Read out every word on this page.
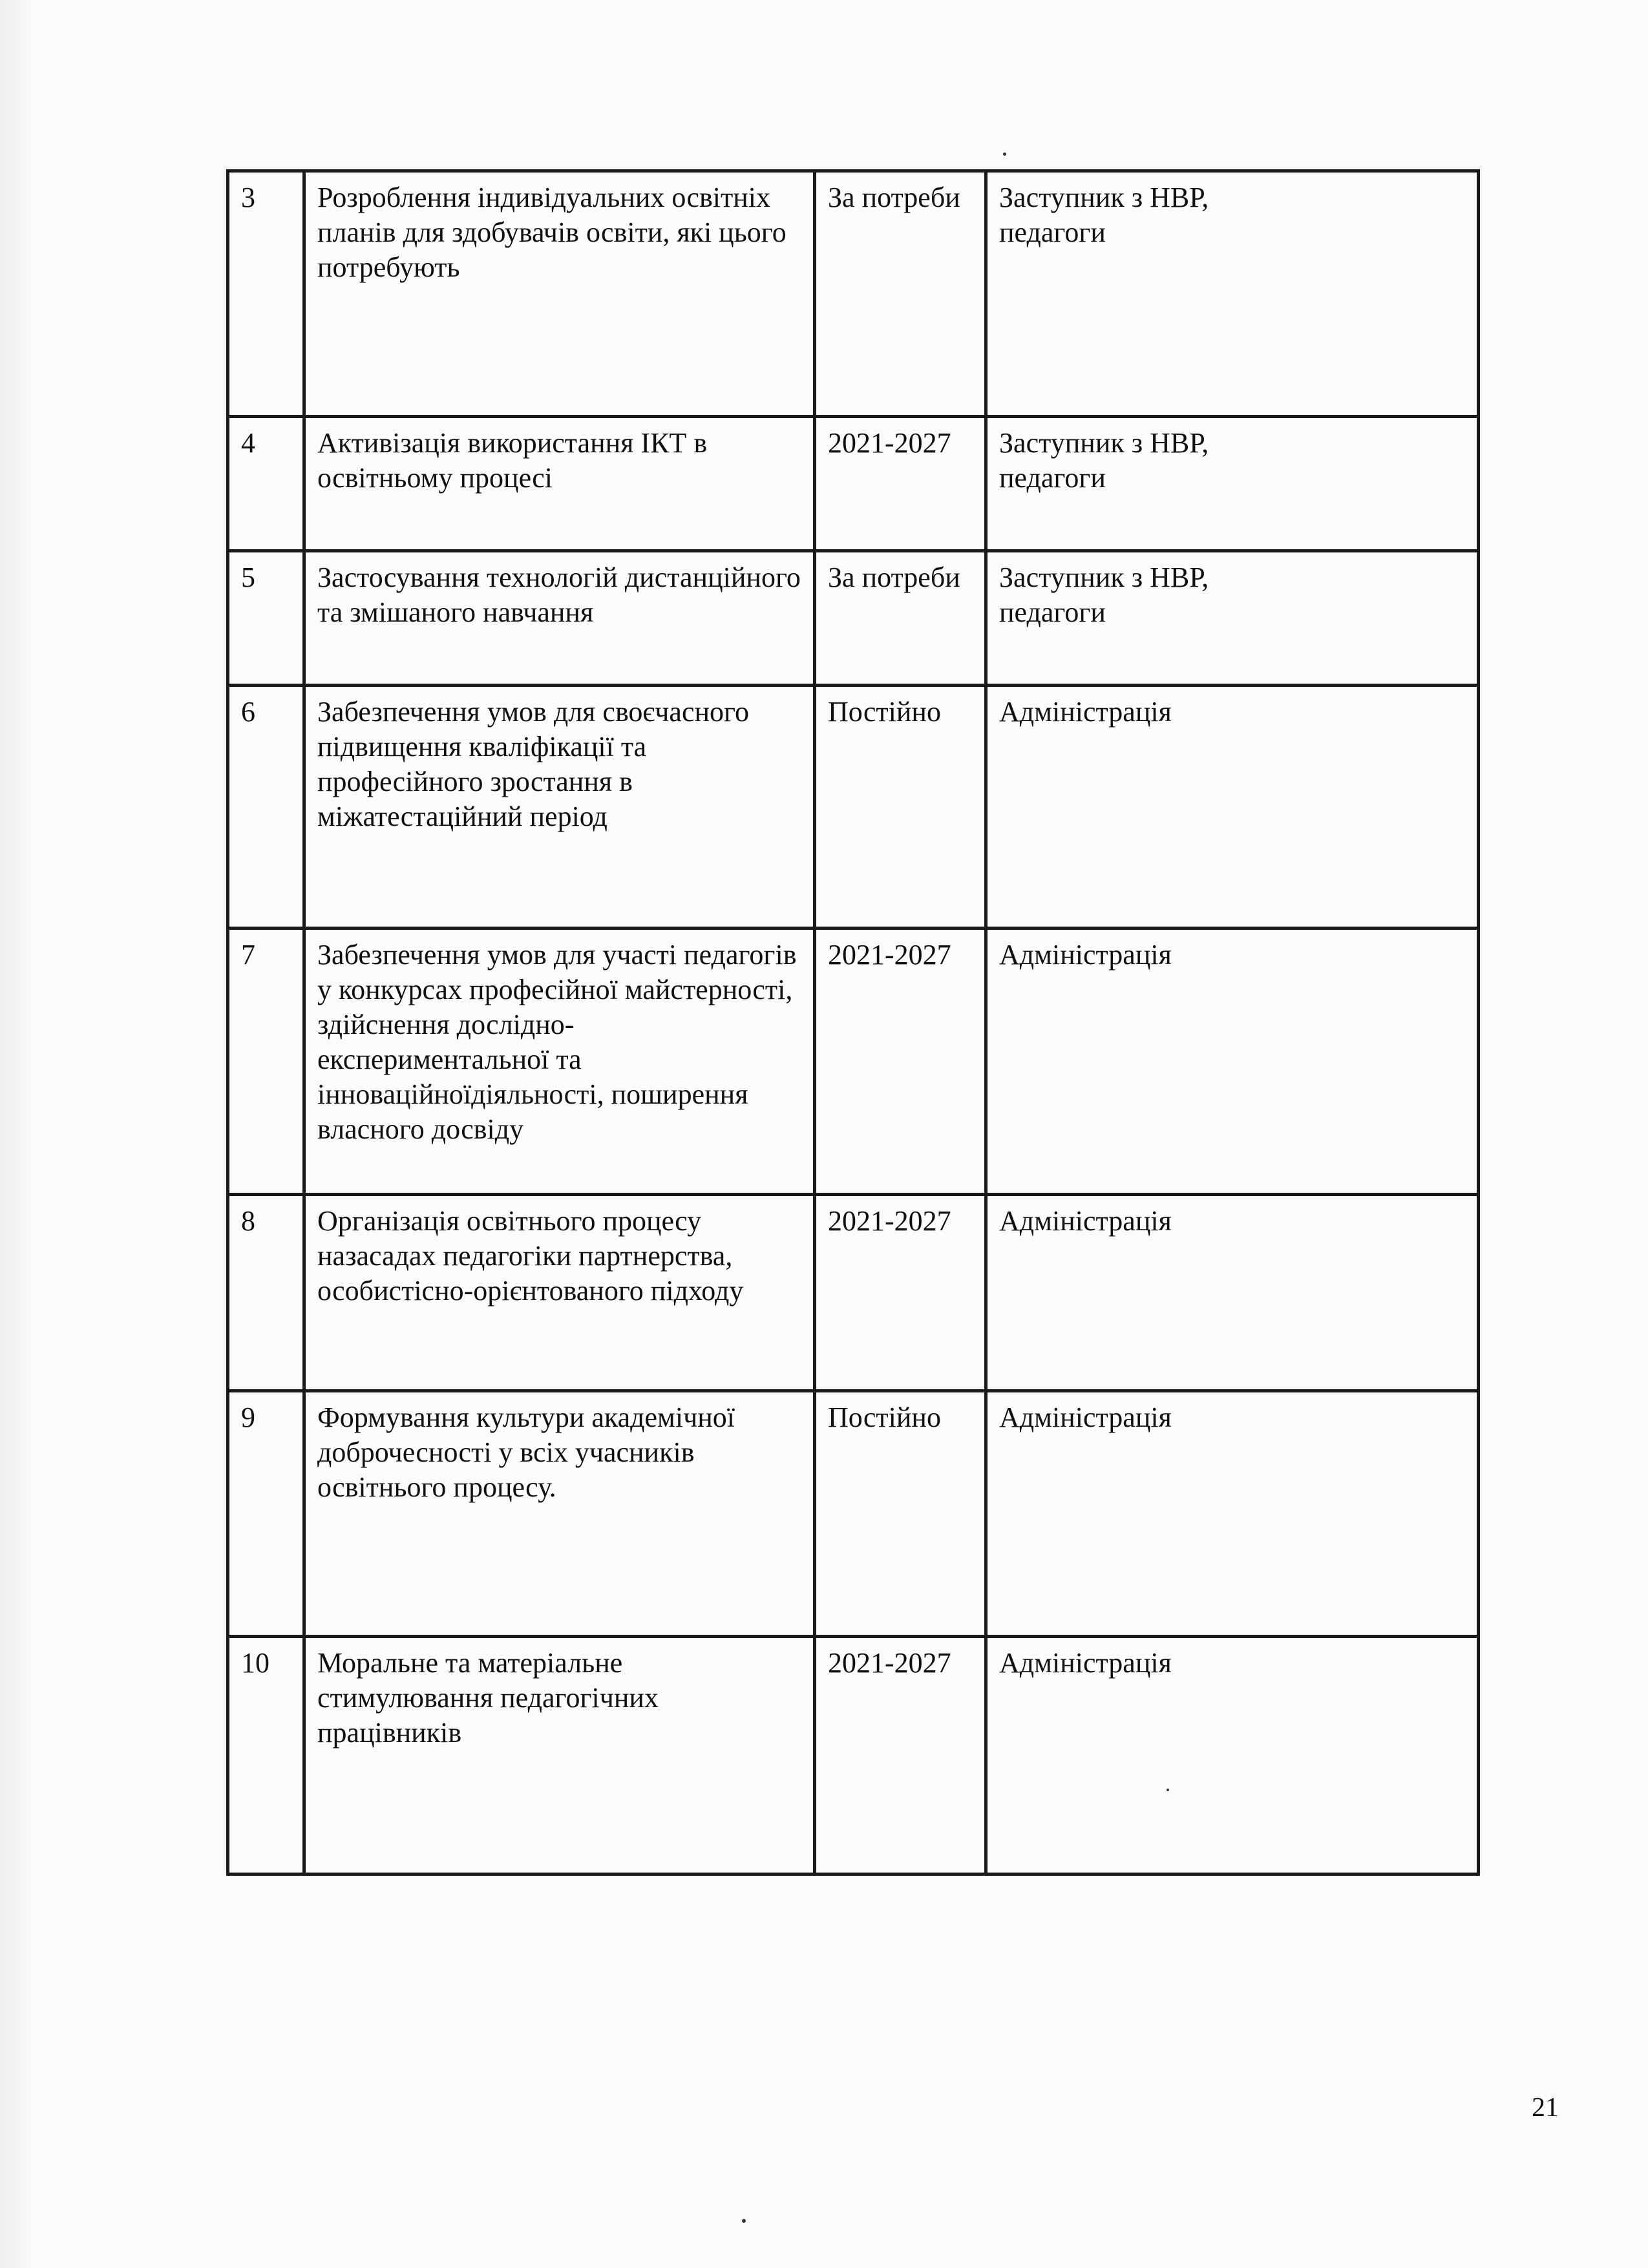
3	Розроблення індивідуальних освітніх планів для здобувачів освіти, які цього потребують	За потреби	Заступник з НВР,
педагоги

4	Активізація використання ІКТ в освітньому процесі	2021-2027	Заступник з НВР,
педагоги

5	Застосування технологій дистанційного та змішаного навчання	За потреби	Заступник з НВР,
педагоги

6	Забезпечення умов для своєчасного підвищення кваліфікації та професійного зростання в міжатестаційний період	Постійно	Адміністрація

7	Забезпечення умов для участі педагогів у конкурсах професійної майстерності, здійснення дослідно-експериментальної та інноваційноїдіяльності, поширення власного досвіду	2021-2027	Адміністрація

8	Організація освітнього процесу назасадах педагогіки партнерства, особистісно-орієнтованого підходу	2021-2027	Адміністрація

9	Формування культури академічної доброчесності у всіх учасників освітнього процесу.	Постійно	Адміністрація

10	Моральне та матеріальне стимулювання педагогічних працівників	2021-2027	Адміністрація
21
